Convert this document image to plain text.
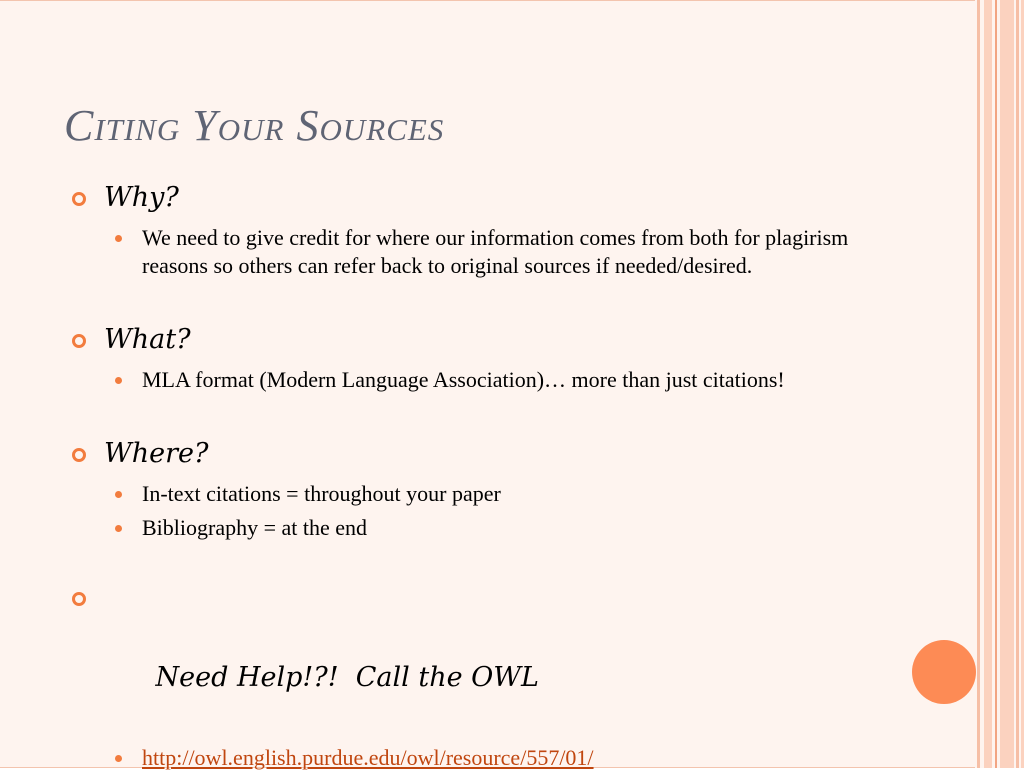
Citing Your Sources
Why?
We need to give credit for where our information comes from both for plagirism reasons so others can refer back to original sources if needed/desired.
What?
MLA format (Modern Language Association)… more than just citations!
Where?
In-text citations = throughout your paper
Bibliography = at the end

Need Help!?!  Call the OWL

http://owl.english.purdue.edu/owl/resource/557/01/
